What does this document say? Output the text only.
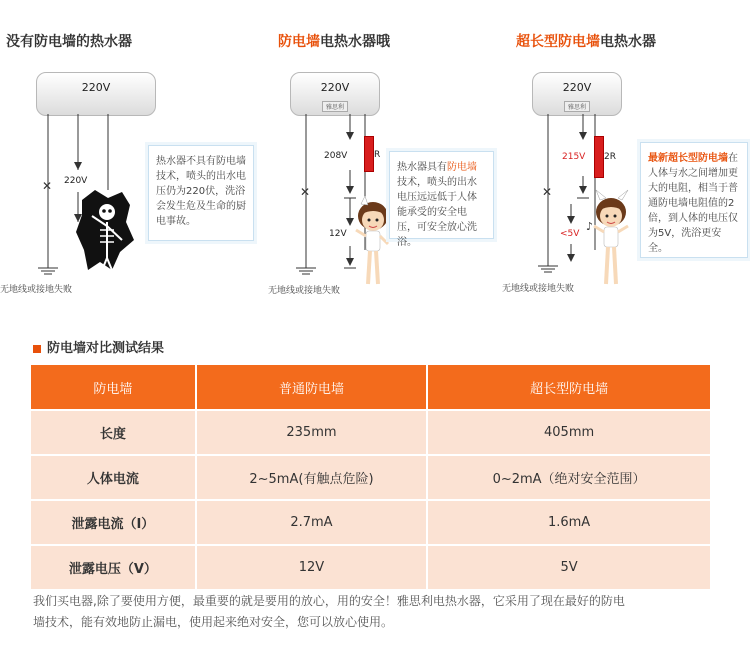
没有防电墙的热水器
220V
✕ 220V
热水器不具有防电墙技术，喷头的出水电压仍为220伏，洗浴会发生危及生命的厨电事故。
无地线或接地失败
防电墙电热水器哦
220V
雅思利
✕
R
208V
12V
热水器具有防电墙技术，喷头的出水电压远远低于人体能承受的安全电压，可安全放心洗浴。
无地线或接地失败
超长型防电墙电热水器
220V
雅思利
✕
♪
2R
215V
<5V
最新超长型防电墙在人体与水之间增加更大的电阻，相当于普通防电墙电阻值的2倍，到人体的电压仅为5V，洗浴更安全。
无地线或接地失败
防电墙对比测试结果
防电墙	普通防电墙	超长型防电墙
长度	235mm	405mm
人体电流	2~5mA(有触点危险)	0~2mA（绝对安全范围）
泄露电流（I）	2.7mA	1.6mA
泄露电压（V）	12V	5V
我们买电器,除了要使用方便，最重要的就是要用的放心，用的安全！雅思利电热水器，它采用了现在最好的防电
墙技术，能有效地防止漏电，使用起来绝对安全，您可以放心使用。
